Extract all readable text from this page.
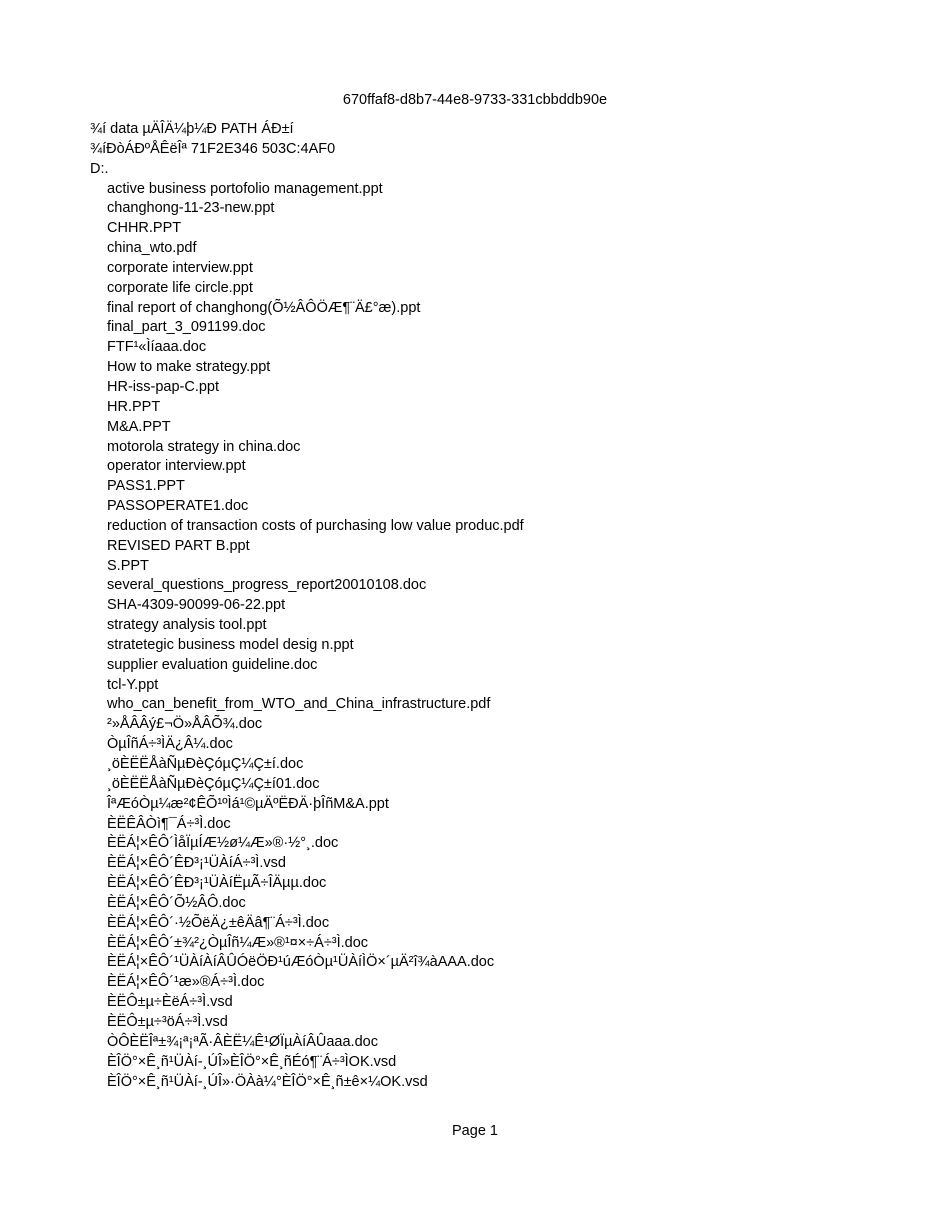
670ffaf8-d8b7-44e8-9733-331cbbddb90e
¾í data µÄÎÄ¼þ¼Ð PATH ÁÐ±í
¾íÐòÁÐºÅÊëÎª 71F2E346 503C:4AF0
D:.
active business portofolio management.ppt
changhong-11-23-new.ppt
CHHR.PPT
china_wto.pdf
corporate interview.ppt
corporate life circle.ppt
final report of changhong(Õ½ÂÔÖÆ¶¨Ä£°æ).ppt
final_part_3_091199.doc
FTF¹«Ìíaaa.doc
How to make strategy.ppt
HR-iss-pap-C.ppt
HR.PPT
M&A.PPT
motorola strategy in china.doc
operator interview.ppt
PASS1.PPT
PASSOPERATE1.doc
reduction of transaction costs of purchasing low value produc.pdf
REVISED PART B.ppt
S.PPT
several_questions_progress_report20010108.doc
SHA-4309-90099-06-22.ppt
strategy analysis tool.ppt
stratetegic business model desig n.ppt
supplier evaluation guideline.doc
tcl-Y.ppt
who_can_benefit_from_WTO_and_China_infrastructure.pdf
²»ÅÂÂý£¬Ö»ÅÂÕ¾.doc
ÒµÎñÁ÷³ÌÄ¿Â¼.doc
¸öÈËËÅàÑµÐèÇóµÇ¼Ç±í.doc
¸öÈËËÅàÑµÐèÇóµÇ¼Ç±í01.doc
ÎªÆóÒµ¼æ²¢ÊÕ¹ºÌá¹©µÄºËÐÄ·þÎñM&A.ppt
ÈËÊÂÒì¶¯Á÷³Ì.doc
ÈËÁ¦×ÊÔ´ÌåÏµÍÆ½ø¼Æ»®·½°¸.doc
ÈËÁ¦×ÊÔ´ÊÐ³¡¹ÜÀíÁ÷³Ì.vsd
ÈËÁ¦×ÊÔ´ÊÐ³¡¹ÜÀíËµÃ÷ÎÄµµ.doc
ÈËÁ¦×ÊÔ´Õ½ÂÔ.doc
ÈËÁ¦×ÊÔ´·½ÕëÄ¿±êÄâ¶¨Á÷³Ì.doc
ÈËÁ¦×ÊÔ´±¾²¿ÒµÎñ¼Æ»®¹¤×÷Á÷³Ì.doc
ÈËÁ¦×ÊÔ´¹ÜÀíÀíÂÛÓëÖÐ¹úÆóÒµ¹ÜÀíÌÖ×´µÄ²î¾àAAA.doc
ÈËÁ¦×ÊÔ´¹æ»®Á÷³Ì.doc
ÈËÔ±µ÷ÈëÁ÷³Ì.vsd
ÈËÔ±µ÷³öÁ÷³Ì.vsd
ÒÔÈËÎª±¾¡ª¡ªÃ·ÂÈË¼Ê¹ØÏµÀíÂÛaaa.doc
ÈÎÖ°×Ê¸ñ¹ÜÀí-¸ÚÎ»ÈÎÖ°×Ê¸ñÉó¶¨Á÷³ÌOK.vsd
ÈÎÖ°×Ê¸ñ¹ÜÀí-¸ÚÎ»·ÖÀà¼°ÈÎÖ°×Ê¸ñ±ê×¼OK.vsd
Page 1
